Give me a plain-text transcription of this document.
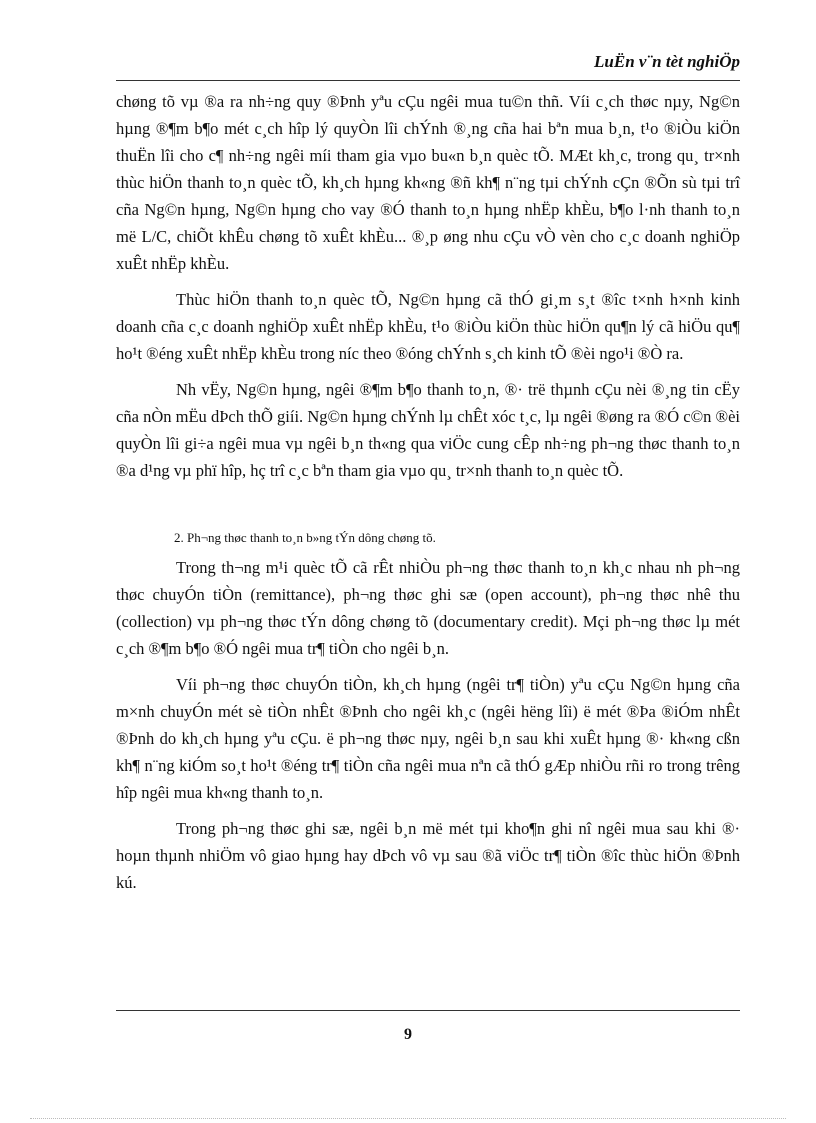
LuËn v¨n tèt nghiÖp

chøng tõ vµ ®a ra nh÷ng quy ®Þnh yªu cÇu ngêi mua tu©n thñ. Víi c¸ch thøc nµy, Ng©n hµng ®¶m b¶o mét c¸ch hîp lý quyÒn lîi chÝnh ®¸ng cña hai bªn mua b¸n, t¹o ®iÒu kiÖn thuËn lîi cho c¶ nh÷ng ngêi míi tham gia vµo bu«n b¸n quèc tÕ. MÆt kh¸c, trong qu¸ tr×nh thùc hiÖn thanh to¸n quèc tÕ, kh¸ch hµng kh«ng ®ñ kh¶ n¨ng tµi chÝnh cÇn ®Õn sù tµi trî cña Ng©n hµng, Ng©n hµng cho vay ®Ó thanh to¸n hµng nhËp khÈu, b¶o l·nh thanh to¸n më L/C, chiÕt khÊu chøng tõ xuÊt khÈu... ®¸p øng nhu cÇu vÒ vèn cho c¸c doanh nghiÖp xuÊt nhËp khÈu.

Thùc hiÖn thanh to¸n quèc tÕ, Ng©n hµng cã thÓ gi¸m s¸t ®îc t×nh h×nh kinh doanh cña c¸c doanh nghiÖp xuÊt nhËp khÈu, t¹o ®iÒu kiÖn thùc hiÖn qu¶n lý cã hiÖu qu¶ ho¹t ®éng xuÊt nhËp khÈu trong níc theo ®óng chÝnh s¸ch kinh tÕ ®èi ngo¹i ®Ò ra.

Nh vËy, Ng©n hµng, ngêi ®¶m b¶o thanh to¸n, ®· trë thµnh cÇu nèi ®¸ng tin cËy cña nÒn mËu dÞch thÕ giíi. Ng©n hµng chÝnh lµ chÊt xóc t¸c, lµ ngêi ®øng ra ®Ó c©n ®èi quyÒn lîi gi÷a ngêi mua vµ ngêi b¸n th«ng qua viÖc cung cÊp nh÷ng ph¬ng thøc thanh to¸n ®a d¹ng vµ phï hîp, hç trî c¸c bªn tham gia vµo qu¸ tr×nh thanh to¸n quèc tÕ.

2. Ph¬ng thøc thanh to¸n b»ng tÝn dông chøng tõ.

Trong th¬ng m¹i quèc tÕ cã rÊt nhiÒu ph¬ng thøc thanh to¸n kh¸c nhau nh ph¬ng thøc chuyÓn tiÒn (remittance), ph¬ng thøc ghi sæ (open account), ph¬ng thøc nhê thu (collection) vµ ph¬ng thøc tÝn dông chøng tõ (documentary credit). Mçi ph¬ng thøc lµ mét c¸ch ®¶m b¶o ®Ó ngêi mua tr¶ tiÒn cho ngêi b¸n.

Víi ph¬ng thøc chuyÓn tiÒn, kh¸ch hµng (ngêi tr¶ tiÒn) yªu cÇu Ng©n hµng cña m×nh chuyÓn mét sè tiÒn nhÊt ®Þnh cho ngêi kh¸c (ngêi hëng lîi) ë mét ®Þa ®iÓm nhÊt ®Þnh do kh¸ch hµng yªu cÇu. ë ph¬ng thøc nµy, ngêi b¸n sau khi xuÊt hµng ®· kh«ng cßn kh¶ n¨ng kiÓm so¸t ho¹t ®éng tr¶ tiÒn cña ngêi mua nªn cã thÓ gÆp nhiÒu rñi ro trong trêng hîp ngêi mua kh«ng thanh to¸n.

Trong ph¬ng thøc ghi sæ, ngêi b¸n më mét tµi kho¶n ghi nî ngêi mua sau khi ®· hoµn thµnh nhiÖm vô giao hµng hay dÞch vô vµ sau ®ã viÖc tr¶ tiÒn ®îc thùc hiÖn ®Þnh kú.

9
